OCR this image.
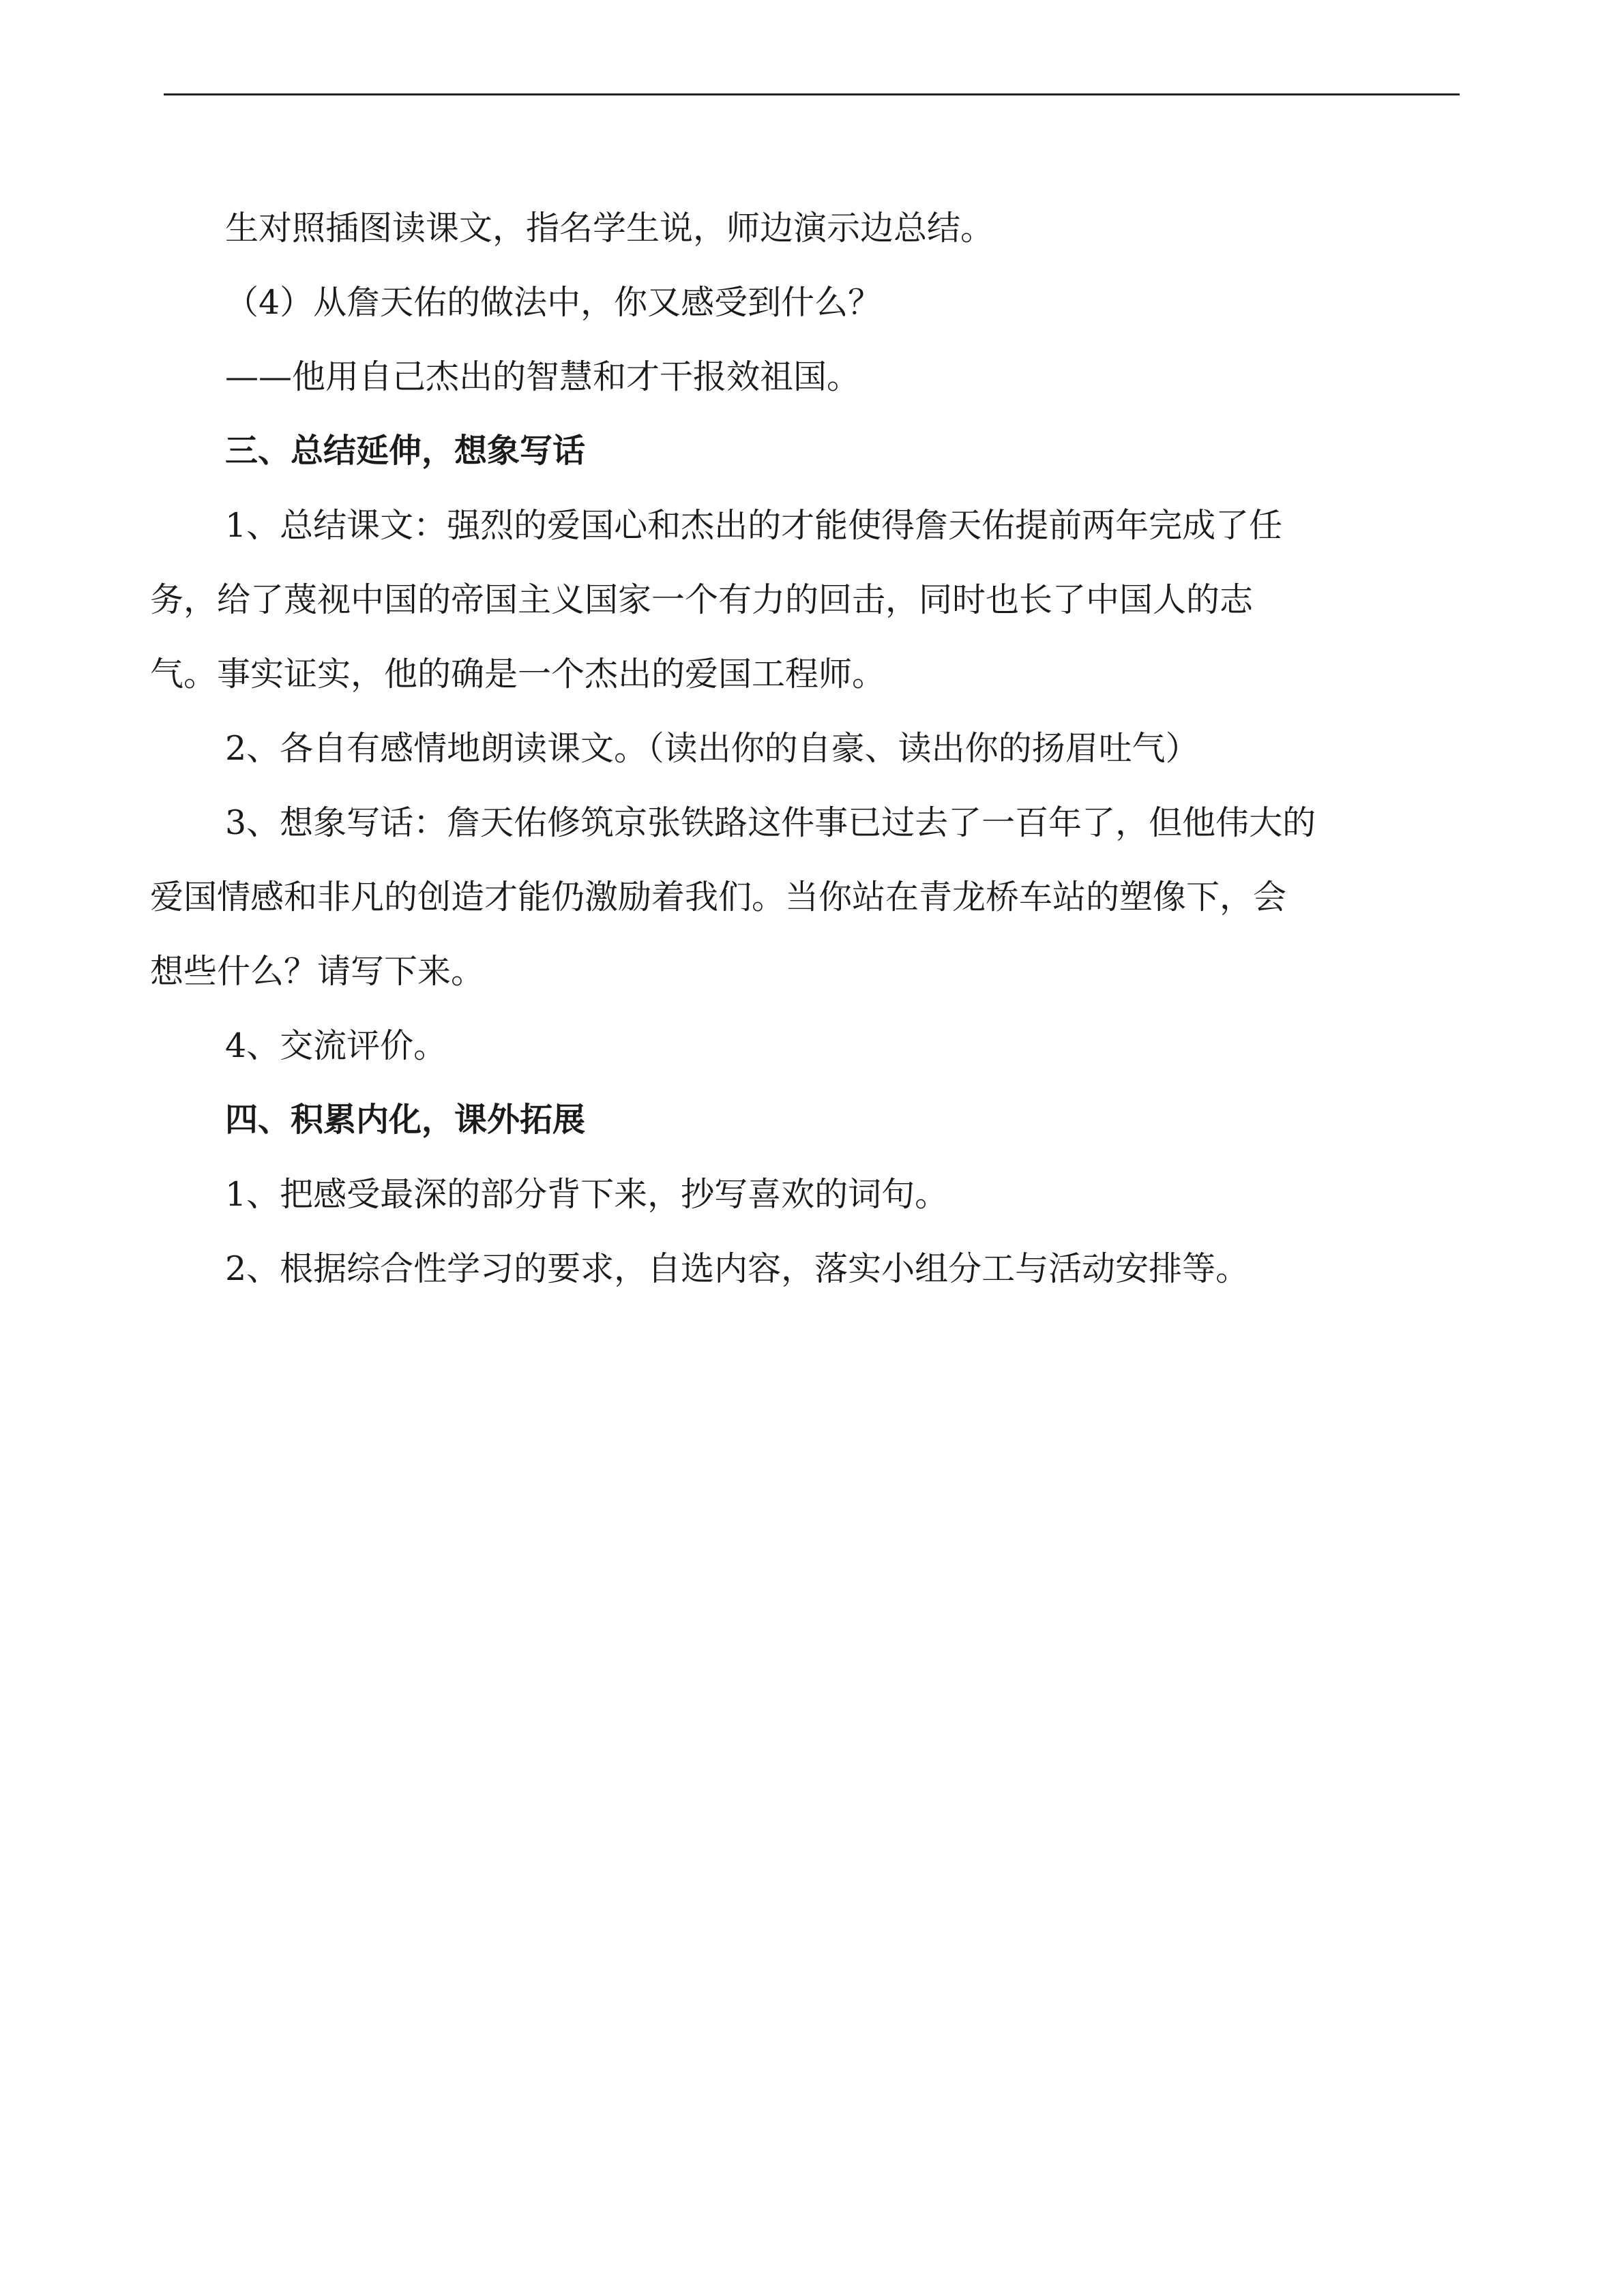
生对照插图读课文，指名学生说，师边演示边总结。

（4）从詹天佑的做法中，你又感受到什么？

——他用自己杰出的智慧和才干报效祖国。

三、总结延伸，想象写话

1、总结课文：强烈的爱国心和杰出的才能使得詹天佑提前两年完成了任
务，给了蔑视中国的帝国主义国家一个有力的回击，同时也长了中国人的志
气。事实证实，他的确是一个杰出的爱国工程师。

2、各自有感情地朗读课文。（读出你的自豪、读出你的扬眉吐气）

3、想象写话：詹天佑修筑京张铁路这件事已过去了一百年了，但他伟大的
爱国情感和非凡的创造才能仍激励着我们。当你站在青龙桥车站的塑像下，会
想些什么？请写下来。

4、交流评价。

四、积累内化，课外拓展

1、把感受最深的部分背下来，抄写喜欢的词句。

2、根据综合性学习的要求，自选内容，落实小组分工与活动安排等。
